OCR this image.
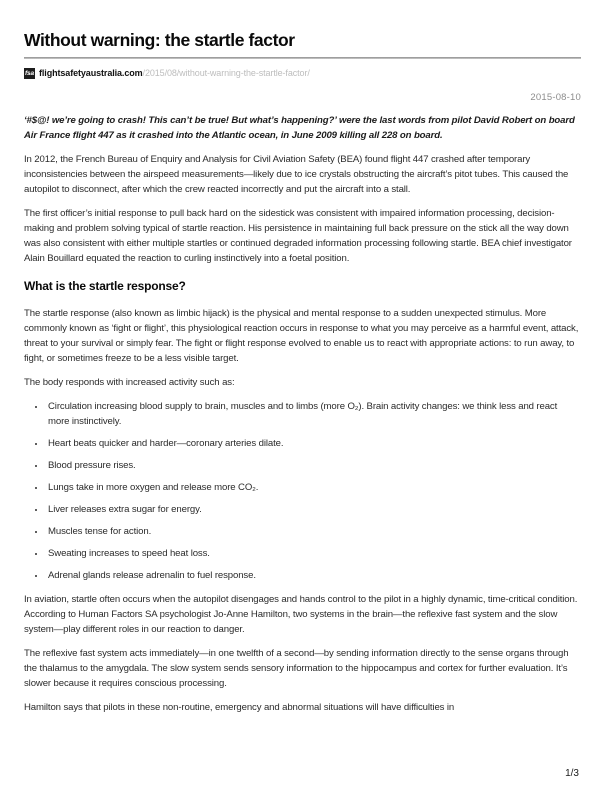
Without warning: the startle factor
fsa flightsafetyaustralia.com /2015/08/without-warning-the-startle-factor/
2015-08-10

‘#$@! we’re going to crash! This can’t be true! But what’s happening?’ were the last words from pilot David Robert on board Air France flight 447 as it crashed into the Atlantic ocean, in June 2009 killing all 228 on board.

In 2012, the French Bureau of Enquiry and Analysis for Civil Aviation Safety (BEA) found flight 447 crashed after temporary inconsistencies between the airspeed measurements—likely due to ice crystals obstructing the aircraft’s pitot tubes. This caused the autopilot to disconnect, after which the crew reacted incorrectly and put the aircraft into a stall.

The first officer’s initial response to pull back hard on the sidestick was consistent with impaired information processing, decision-making and problem solving typical of startle reaction. His persistence in maintaining full back pressure on the stick all the way down was also consistent with either multiple startles or continued degraded information processing following startle. BEA chief investigator Alain Bouillard equated the reaction to curling instinctively into a foetal position.

What is the startle response?

The startle response (also known as limbic hijack) is the physical and mental response to a sudden unexpected stimulus. More commonly known as ‘fight or flight’, this physiological reaction occurs in response to what you may perceive as a harmful event, attack, threat to your survival or simply fear. The fight or flight response evolved to enable us to react with appropriate actions: to run away, to fight, or sometimes freeze to be a less visible target.

The body responds with increased activity such as:

• Circulation increasing blood supply to brain, muscles and to limbs (more O₂). Brain activity changes: we think less and react more instinctively.
• Heart beats quicker and harder—coronary arteries dilate.
• Blood pressure rises.
• Lungs take in more oxygen and release more CO₂.
• Liver releases extra sugar for energy.
• Muscles tense for action.
• Sweating increases to speed heat loss.
• Adrenal glands release adrenalin to fuel response.

In aviation, startle often occurs when the autopilot disengages and hands control to the pilot in a highly dynamic, time-critical condition. According to Human Factors SA psychologist Jo-Anne Hamilton, two systems in the brain—the reflexive fast system and the slow system—play different roles in our reaction to danger.

The reflexive fast system acts immediately—in one twelfth of a second—by sending information directly to the sense organs through the thalamus to the amygdala. The slow system sends sensory information to the hippocampus and cortex for further evaluation. It’s slower because it requires conscious processing.

Hamilton says that pilots in these non-routine, emergency and abnormal situations will have difficulties in

1/3
